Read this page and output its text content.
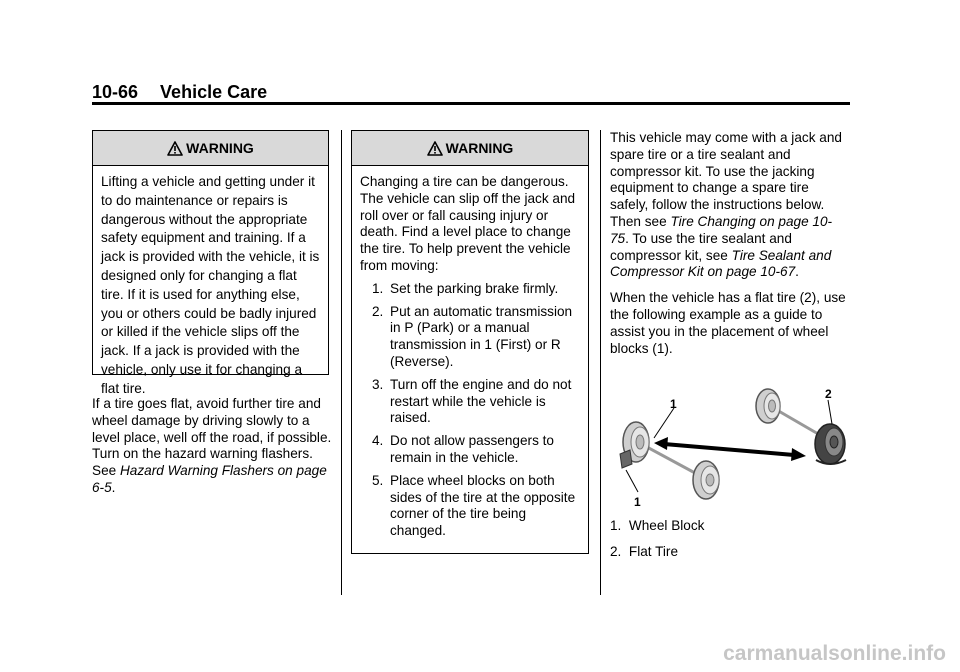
10-66 Vehicle Care
WARNING
Lifting a vehicle and getting under it to do maintenance or repairs is dangerous without the appropriate safety equipment and training. If a jack is provided with the vehicle, it is designed only for changing a flat tire. If it is used for anything else, you or others could be badly injured or killed if the vehicle slips off the jack. If a jack is provided with the vehicle, only use it for changing a flat tire.

If a tire goes flat, avoid further tire and wheel damage by driving slowly to a level place, well off the road, if possible. Turn on the hazard warning flashers. See Hazard Warning Flashers on page 6-5.

WARNING

Changing a tire can be dangerous. The vehicle can slip off the jack and roll over or fall causing injury or death. Find a level place to change the tire. To help prevent the vehicle from moving:

1. Set the parking brake firmly.
2. Put an automatic transmission in P (Park) or a manual transmission in 1 (First) or R (Reverse).
3. Turn off the engine and do not restart while the vehicle is raised.
4. Do not allow passengers to remain in the vehicle.
5. Place wheel blocks on both sides of the tire at the opposite corner of the tire being changed.

This vehicle may come with a jack and spare tire or a tire sealant and compressor kit. To use the jacking equipment to change a spare tire safely, follow the instructions below. Then see Tire Changing on page 10-75. To use the tire sealant and compressor kit, see Tire Sealant and Compressor Kit on page 10-67.

When the vehicle has a flat tire (2), use the following example as a guide to assist you in the placement of wheel blocks (1).

1
1
2
1. Wheel Block
2. Flat Tire
carmanualsonline.info
